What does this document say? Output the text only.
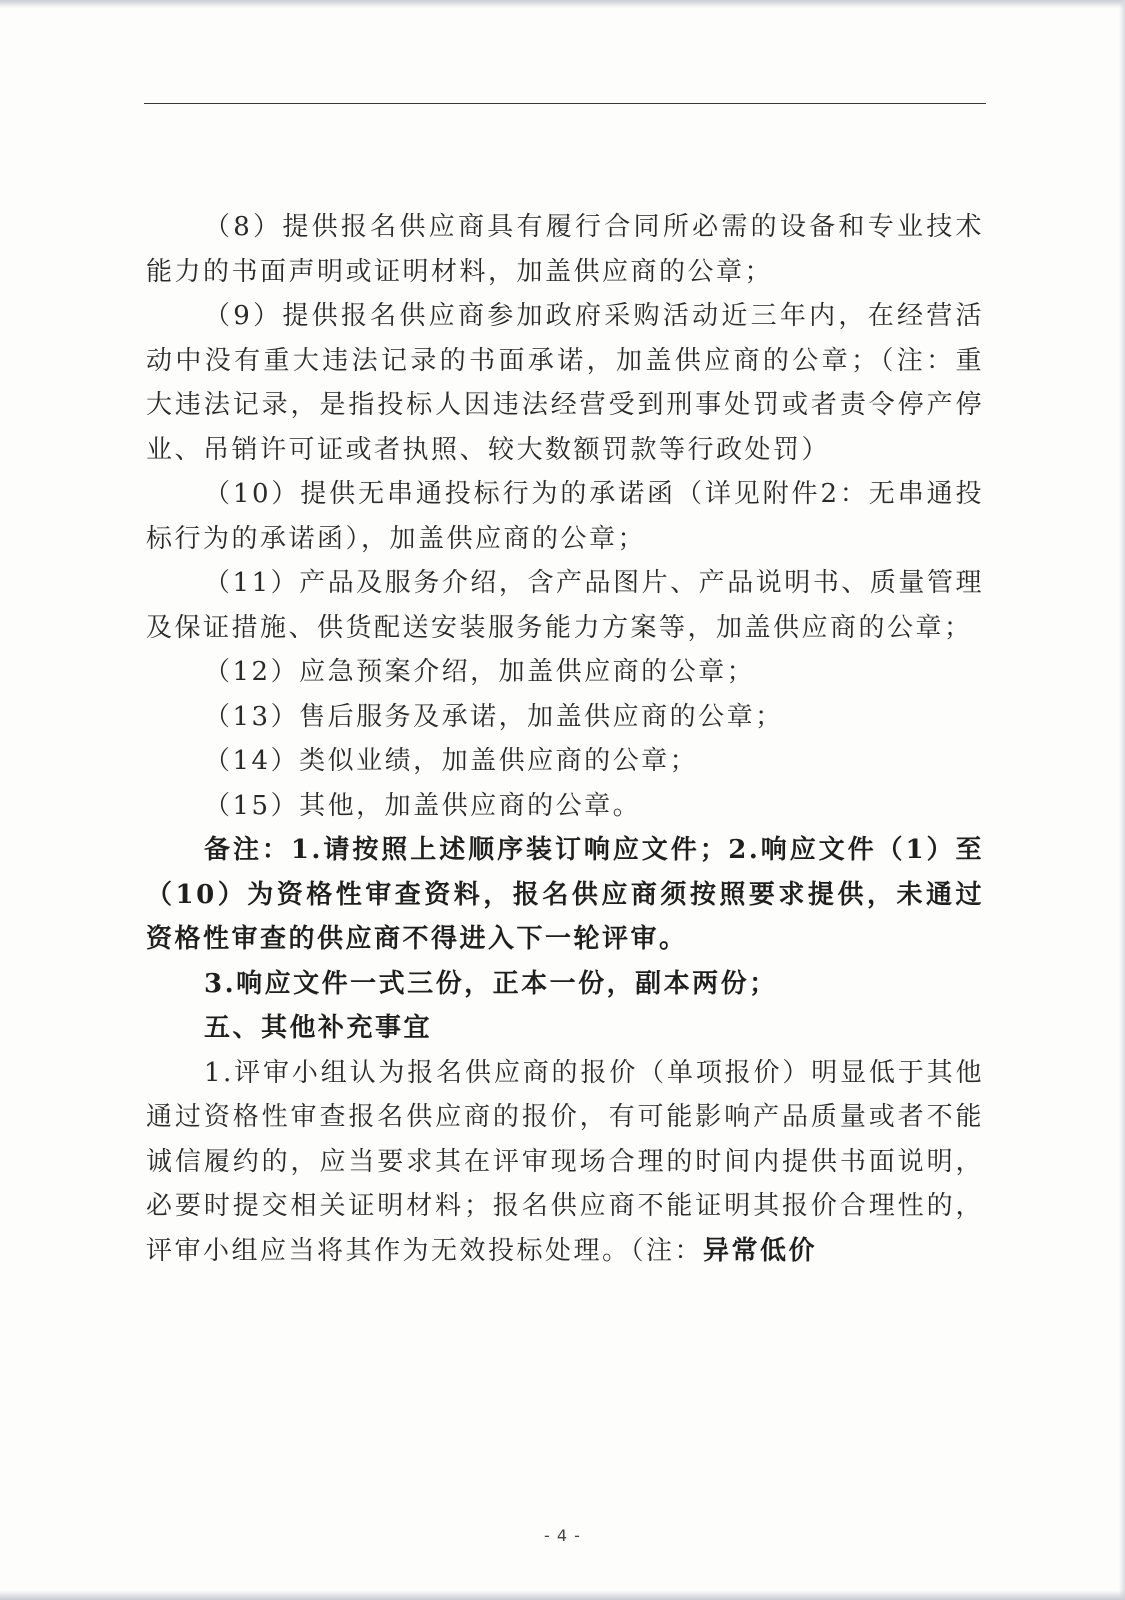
（8）提供报名供应商具有履行合同所必需的设备和专业技术能力的书面声明或证明材料，加盖供应商的公章；

（9）提供报名供应商参加政府采购活动近三年内，在经营活动中没有重大违法记录的书面承诺，加盖供应商的公章；（注：重大违法记录，是指投标人因违法经营受到刑事处罚或者责令停产停业、吊销许可证或者执照、较大数额罚款等行政处罚）

（10）提供无串通投标行为的承诺函（详见附件2：无串通投标行为的承诺函），加盖供应商的公章；

（11）产品及服务介绍，含产品图片、产品说明书、质量管理及保证措施、供货配送安装服务能力方案等，加盖供应商的公章；

（12）应急预案介绍，加盖供应商的公章；

（13）售后服务及承诺，加盖供应商的公章；

（14）类似业绩，加盖供应商的公章；

（15）其他，加盖供应商的公章。

备注：1.请按照上述顺序装订响应文件；2.响应文件（1）至（10）为资格性审查资料，报名供应商须按照要求提供，未通过资格性审查的供应商不得进入下一轮评审。

3.响应文件一式三份，正本一份，副本两份；

五、其他补充事宜

1.评审小组认为报名供应商的报价（单项报价）明显低于其他通过资格性审查报名供应商的报价，有可能影响产品质量或者不能诚信履约的，应当要求其在评审现场合理的时间内提供书面说明，必要时提交相关证明材料；报名供应商不能证明其报价合理性的，评审小组应当将其作为无效投标处理。（注：异常低价

- 4 -
